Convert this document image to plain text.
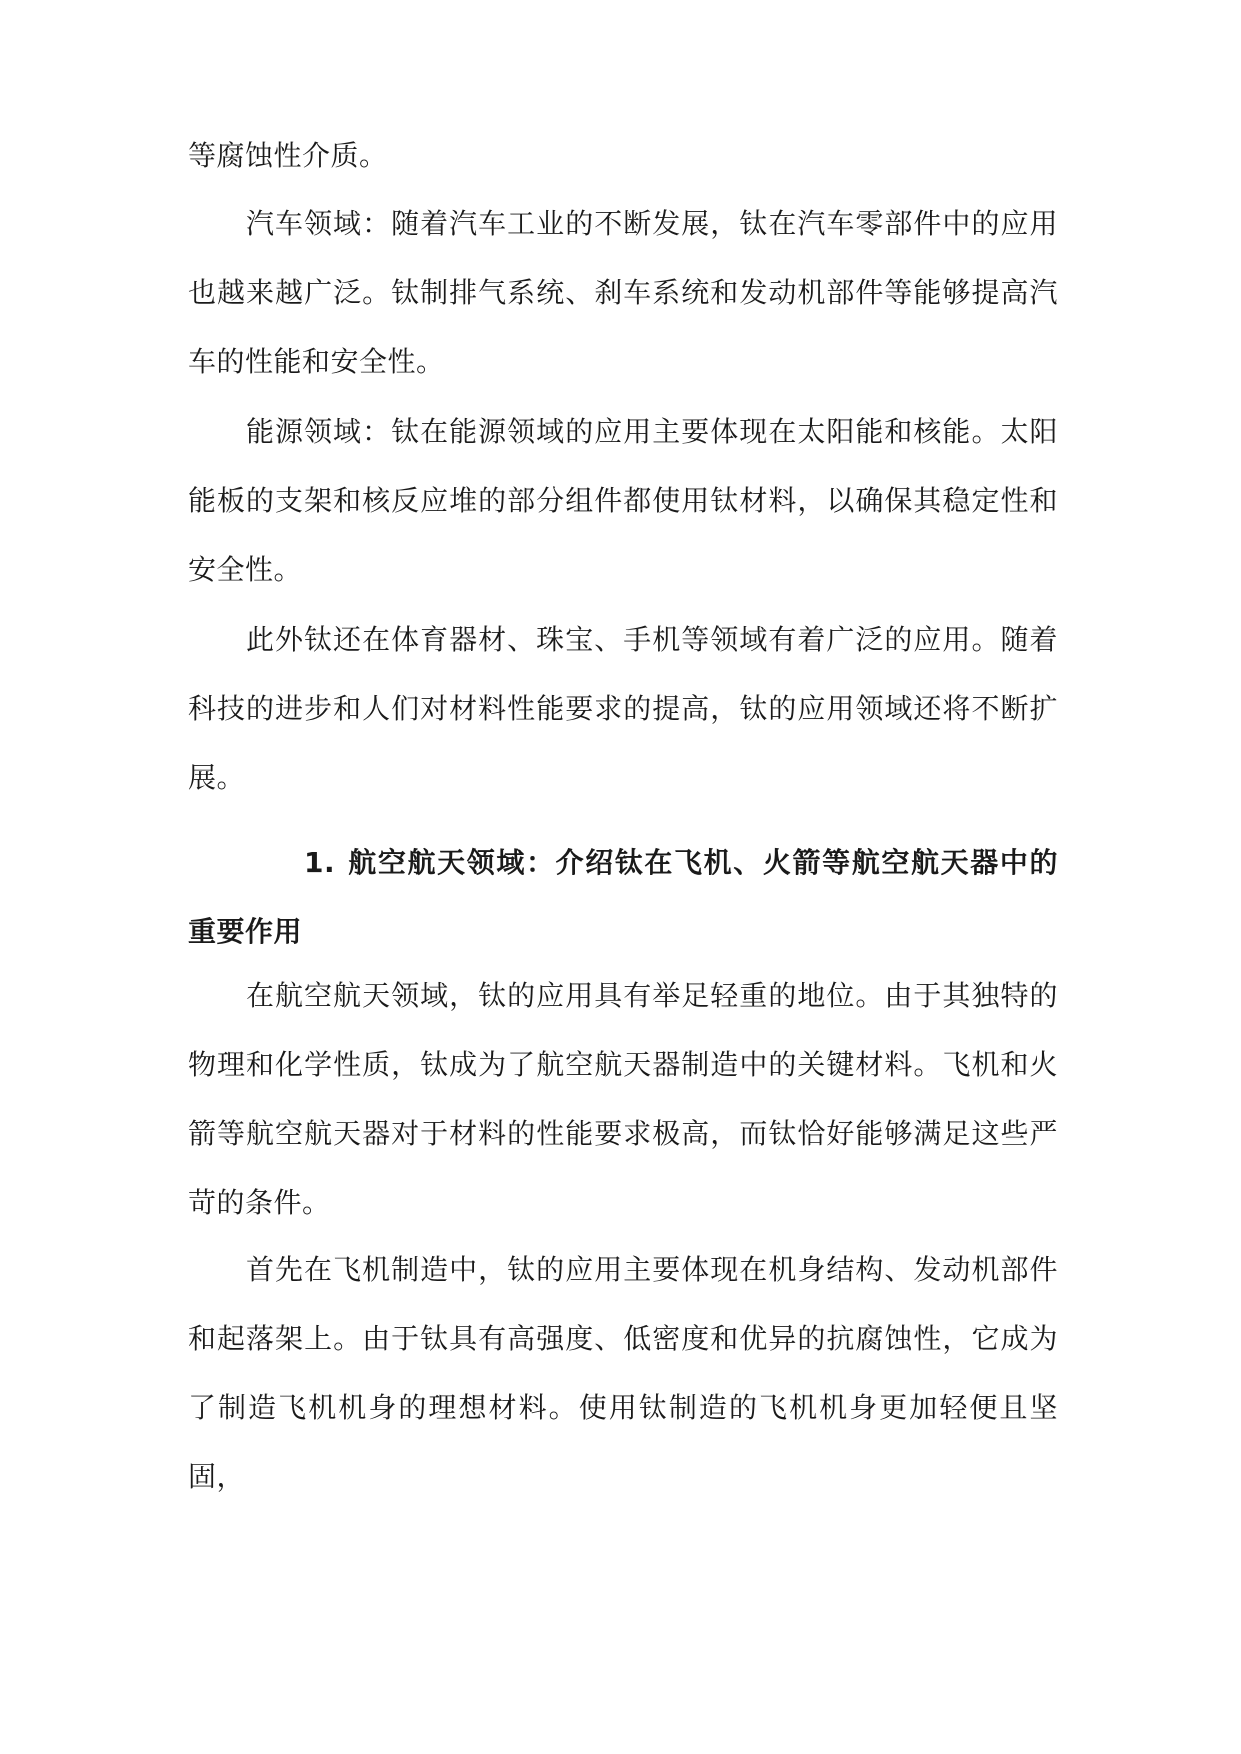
等腐蚀性介质。

汽车领域：随着汽车工业的不断发展，钛在汽车零部件中的应用也越来越广泛。钛制排气系统、刹车系统和发动机部件等能够提高汽车的性能和安全性。

能源领域：钛在能源领域的应用主要体现在太阳能和核能。太阳能板的支架和核反应堆的部分组件都使用钛材料，以确保其稳定性和安全性。

此外钛还在体育器材、珠宝、手机等领域有着广泛的应用。随着科技的进步和人们对材料性能要求的提高，钛的应用领域还将不断扩展。

1. 航空航天领域：介绍钛在飞机、火箭等航空航天器中的重要作用

在航空航天领域，钛的应用具有举足轻重的地位。由于其独特的物理和化学性质，钛成为了航空航天器制造中的关键材料。飞机和火箭等航空航天器对于材料的性能要求极高，而钛恰好能够满足这些严苛的条件。

首先在飞机制造中，钛的应用主要体现在机身结构、发动机部件和起落架上。由于钛具有高强度、低密度和优异的抗腐蚀性，它成为了制造飞机机身的理想材料。使用钛制造的飞机机身更加轻便且坚固，
